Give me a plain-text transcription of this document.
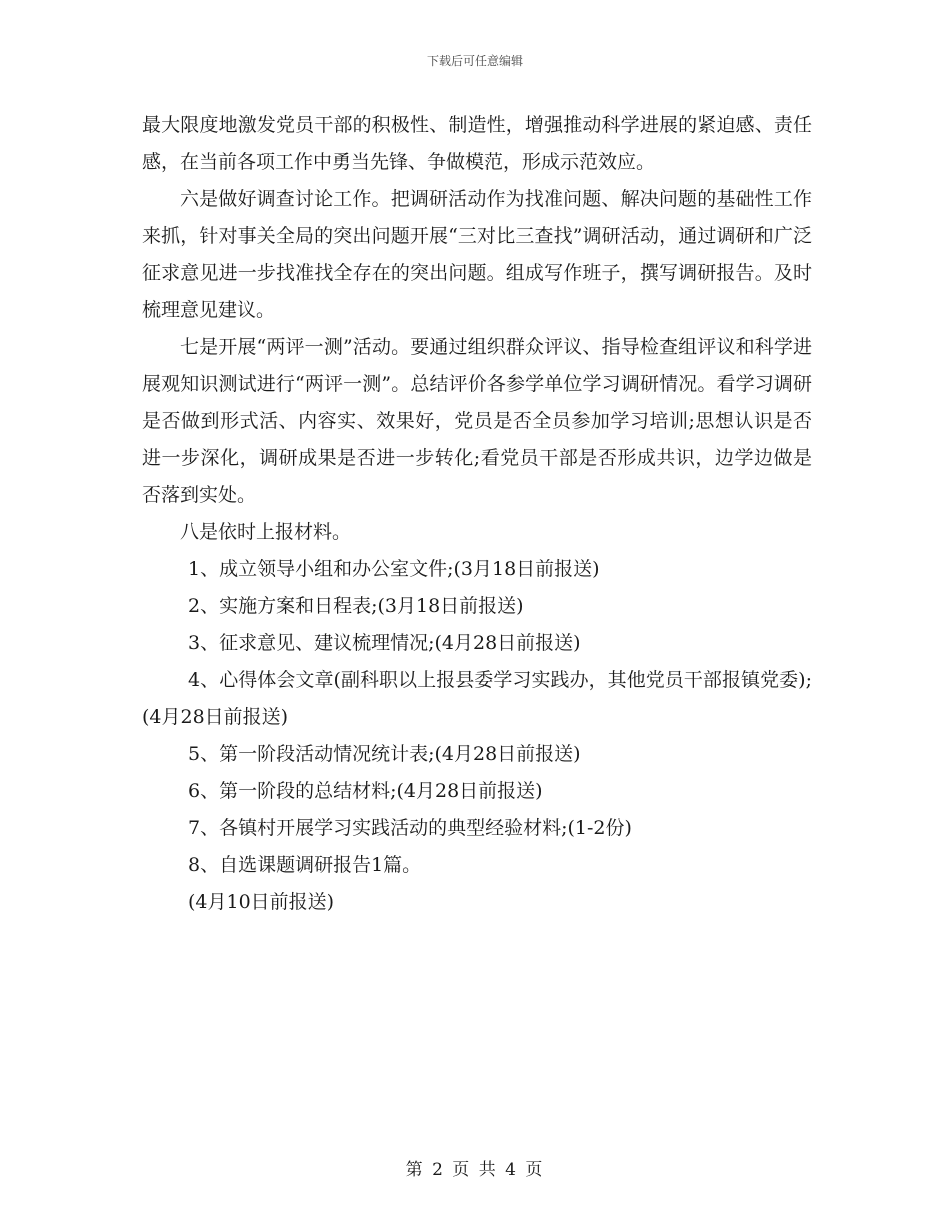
下载后可任意编辑

最大限度地激发党员干部的积极性、制造性，增强推动科学进展的紧迫感、责任感，在当前各项工作中勇当先锋、争做模范，形成示范效应。

六是做好调查讨论工作。把调研活动作为找准问题、解决问题的基础性工作来抓，针对事关全局的突出问题开展“三对比三查找”调研活动，通过调研和广泛征求意见进一步找准找全存在的突出问题。组成写作班子，撰写调研报告。及时梳理意见建议。

七是开展“两评一测”活动。要通过组织群众评议、指导检查组评议和科学进展观知识测试进行“两评一测”。总结评价各参学单位学习调研情况。看学习调研是否做到形式活、内容实、效果好，党员是否全员参加学习培训;思想认识是否进一步深化，调研成果是否进一步转化;看党员干部是否形成共识，边学边做是否落到实处。

八是依时上报材料。

1、成立领导小组和办公室文件;(3月18日前报送)

2、实施方案和日程表;(3月18日前报送)

3、征求意见、建议梳理情况;(4月28日前报送)

4、心得体会文章(副科职以上报县委学习实践办，其他党员干部报镇党委);(4月28日前报送)

5、第一阶段活动情况统计表;(4月28日前报送)

6、第一阶段的总结材料;(4月28日前报送)

7、各镇村开展学习实践活动的典型经验材料;(1-2份)

8、自选课题调研报告1篇。

(4月10日前报送)

第 2 页 共 4 页
